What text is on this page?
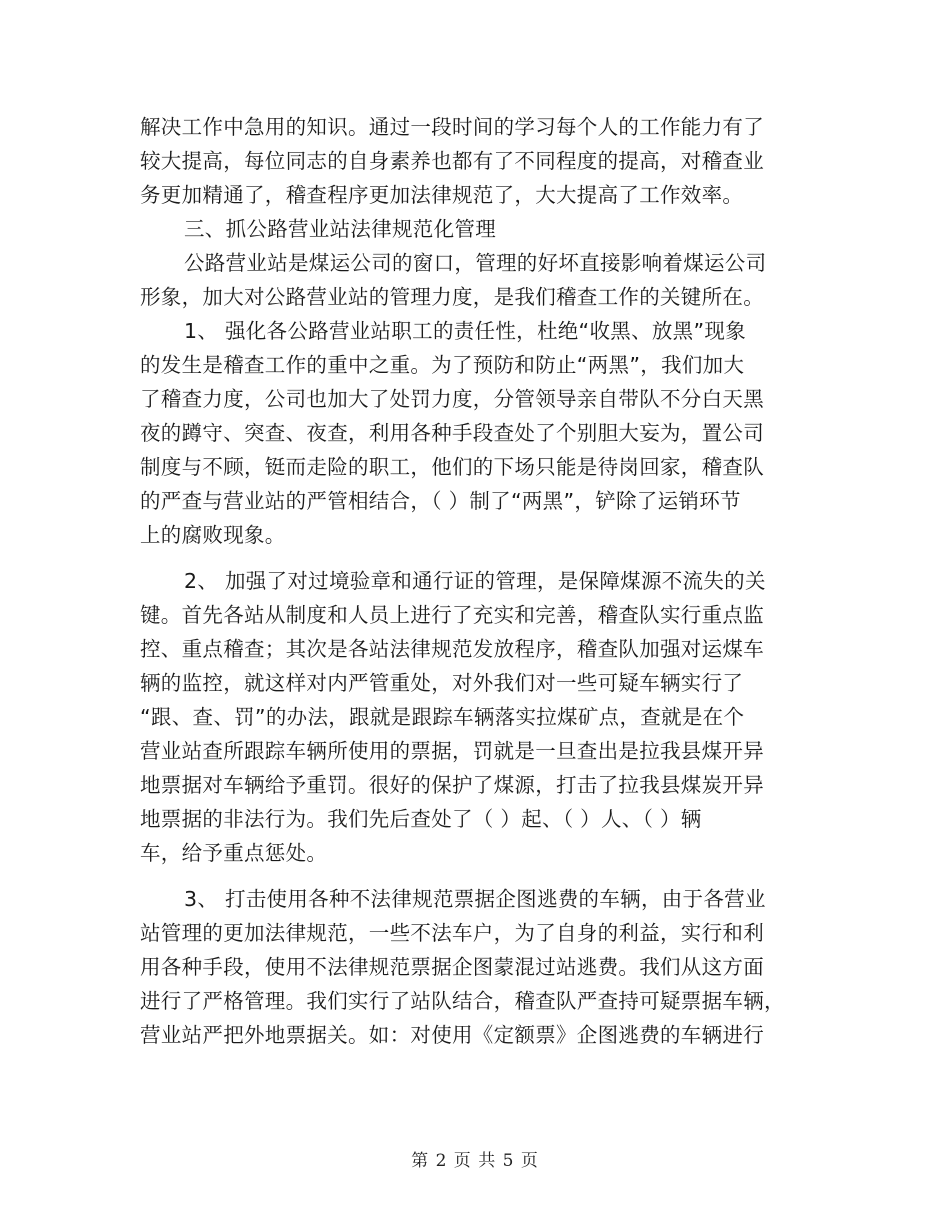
解决工作中急用的知识。通过一段时间的学习每个人的工作能力有了
较大提高，每位同志的自身素养也都有了不同程度的提高，对稽查业
务更加精通了，稽查程序更加法律规范了，大大提高了工作效率。
三、抓公路营业站法律规范化管理
公路营业站是煤运公司的窗口，管理的好坏直接影响着煤运公司
形象，加大对公路营业站的管理力度，是我们稽查工作的关键所在。
1、 强化各公路营业站职工的责任性，杜绝“收黑、放黑”现象
的发生是稽查工作的重中之重。为了预防和防止“两黑”，我们加大
了稽查力度，公司也加大了处罚力度，分管领导亲自带队不分白天黑
夜的蹲守、突查、夜查，利用各种手段查处了个别胆大妄为，置公司
制度与不顾，铤而走险的职工，他们的下场只能是待岗回家，稽查队
的严查与营业站的严管相结合，（ ）制了“两黑”，铲除了运销环节
上的腐败现象。
2、 加强了对过境验章和通行证的管理，是保障煤源不流失的关
键。首先各站从制度和人员上进行了充实和完善，稽查队实行重点监
控、重点稽查；其次是各站法律规范发放程序，稽查队加强对运煤车
辆的监控，就这样对内严管重处，对外我们对一些可疑车辆实行了
“跟、查、罚”的办法，跟就是跟踪车辆落实拉煤矿点，查就是在个
营业站查所跟踪车辆所使用的票据，罚就是一旦查出是拉我县煤开异
地票据对车辆给予重罚。很好的保护了煤源，打击了拉我县煤炭开异
地票据的非法行为。我们先后查处了（ ）起、（ ）人、（ ）辆
车，给予重点惩处。
3、 打击使用各种不法律规范票据企图逃费的车辆，由于各营业
站管理的更加法律规范，一些不法车户，为了自身的利益，实行和利
用各种手段，使用不法律规范票据企图蒙混过站逃费。我们从这方面
进行了严格管理。我们实行了站队结合，稽查队严查持可疑票据车辆，
营业站严把外地票据关。如：对使用《定额票》企图逃费的车辆进行
第 2 页 共 5 页
